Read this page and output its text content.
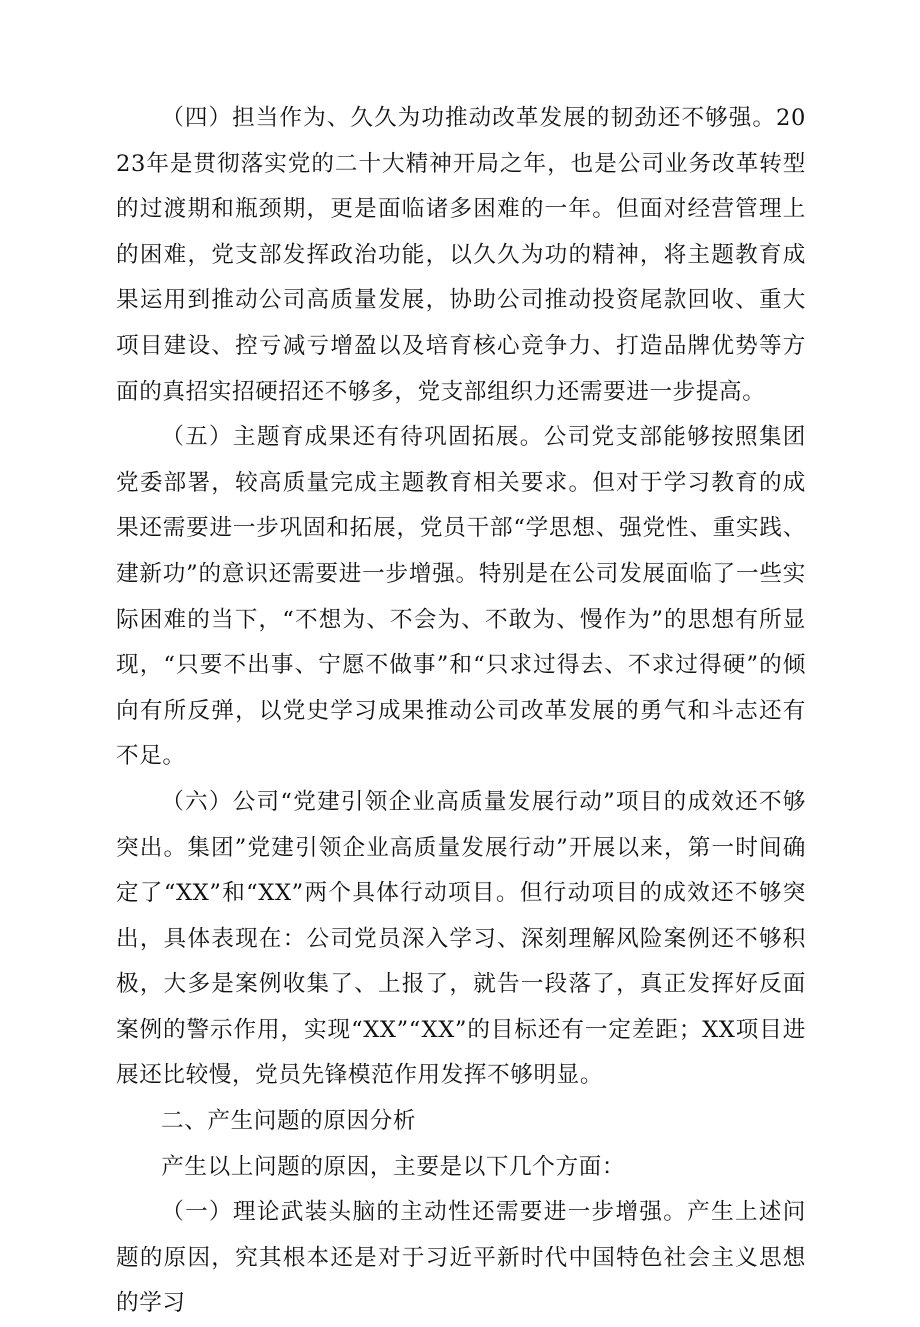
（四）担当作为、久久为功推动改革发展的韧劲还不够强。2023年是贯彻落实党的二十大精神开局之年，也是公司业务改革转型的过渡期和瓶颈期，更是面临诸多困难的一年。但面对经营管理上的困难，党支部发挥政治功能，以久久为功的精神，将主题教育成果运用到推动公司高质量发展，协助公司推动投资尾款回收、重大项目建设、控亏减亏增盈以及培育核心竞争力、打造品牌优势等方面的真招实招硬招还不够多，党支部组织力还需要进一步提高。

（五）主题育成果还有待巩固拓展。公司党支部能够按照集团党委部署，较高质量完成主题教育相关要求。但对于学习教育的成果还需要进一步巩固和拓展，党员干部“学思想、强党性、重实践、建新功”的意识还需要进一步增强。特别是在公司发展面临了一些实际困难的当下，“不想为、不会为、不敢为、慢作为”的思想有所显现，“只要不出事、宁愿不做事”和“只求过得去、不求过得硬”的倾向有所反弹，以党史学习成果推动公司改革发展的勇气和斗志还有不足。

（六）公司“党建引领企业高质量发展行动”项目的成效还不够突出。集团”党建引领企业高质量发展行动”开展以来，第一时间确定了“XX”和“XX”两个具体行动项目。但行动项目的成效还不够突出，具体表现在：公司党员深入学习、深刻理解风险案例还不够积极，大多是案例收集了、上报了，就告一段落了，真正发挥好反面案例的警示作用，实现“XX”“XX”的目标还有一定差距；XX项目进展还比较慢，党员先锋模范作用发挥不够明显。

二、产生问题的原因分析

产生以上问题的原因，主要是以下几个方面：

（一）理论武装头脑的主动性还需要进一步增强。产生上述问题的原因，究其根本还是对于习近平新时代中国特色社会主义思想的学习
